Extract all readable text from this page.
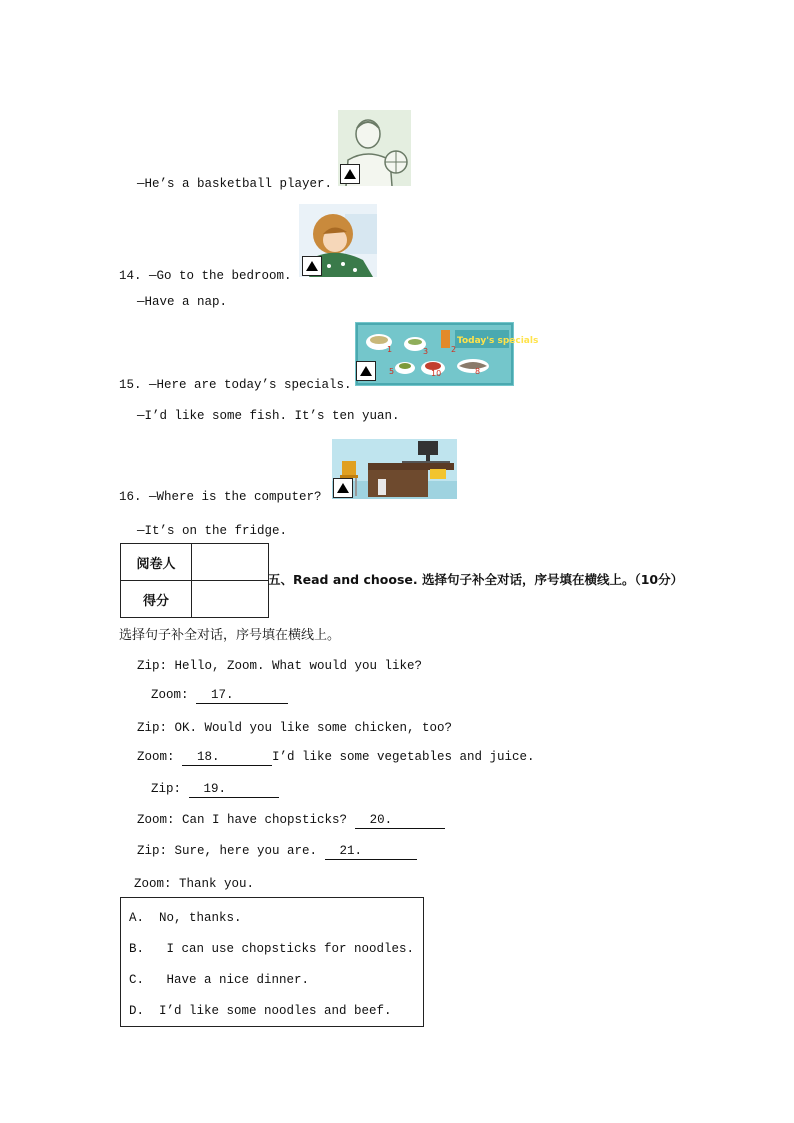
—He’s a basketball player.
14. —Go to the bedroom.
—Have a nap.
Today's specials
1	3	2
5	10	8
15. —Here are today’s specials.
—I’d like some fish. It’s ten yuan.
16. —Where is the computer?
—It’s on the fridge.
阅卷人	
得分	
五、Read and choose. 选择句子补全对话，序号填在横线上。（10分）
选择句子补全对话，序号填在横线上。
Zip: Hello, Zoom. What would you like?
Zoom:   17.
Zip: OK. Would you like some chicken, too?
Zoom:   18.	I’d like some vegetables and juice.
Zip:   19.
Zoom: Can I have chopsticks?   20.
Zip: Sure, here you are.   21.
Zoom: Thank you.
A.  No, thanks.
B.   I can use chopsticks for noodles.
C.   Have a nice dinner.
D.  I’d like some noodles and beef.
